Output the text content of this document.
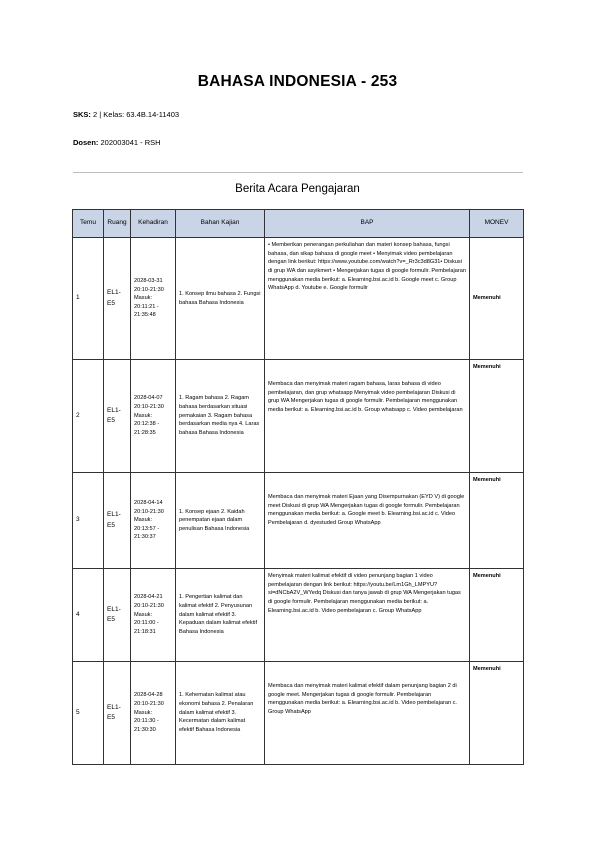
BAHASA INDONESIA - 253
SKS: 2 | Kelas: 63.4B.14-11403
Dosen: 202003041 - RSH
Berita Acara Pengajaran
Temu	Ruang	Kehadiran	Bahan Kajian	BAP	MONEV
1	EL1-E5	2028-03-31 20:10-21:30 Masuk: 20:11:21 - 21:35:48	1. Konsep ilmu bahasa 2. Fungsi bahasa Bahasa Indonesia	• Memberikan penerangan perkuliahan dan materi konsep bahasa, fungsi bahasa, dan sikap bahasa di google meet • Menyimak video pembelajaran dengan link berikut: https://www.youtube.com/watch?v=_Rr3c3d8G31• Diskusi di grup WA dan asyikmert • Mengerjakan tugas di google formulir. Pembelajaran menggunakan media berikut: a. Elearning.bsi.ac.id b. Google meet c. Group WhatsApp d. Youtube e. Google formulir	Memenuhi
2	EL1-E5	2028-04-07 20:10-21:30 Masuk: 20:12:38 - 21:28:35	1. Ragam bahasa 2. Ragam bahasa berdasarkan situasi pemakaian 3. Ragam bahasa berdasarkan media nya 4. Laras bahasa Bahasa Indonesia	Membaca dan menyimak materi ragam bahasa, laras bahasa di video pembelajaran, dan grup whatsapp Menyimak video pembelajaran Diskusi di grup WA Mengerjakan tugas di google formulir. Pembelajaran menggunakan media berikut: a. Elearning.bsi.ac.id b. Group whatsapp c. Video pembelajaran	Memenuhi
3	EL1-E5	2028-04-14 20:10-21:30 Masuk: 20:13:57 - 21:30:37	1. Konsep ejaan 2. Kaidah penempatan ejaan dalam penulisan Bahasa Indonesia	Membaca dan menyimak materi Ejaan yang Disempurnakan (EYD V) di google meet Diskusi di grup WA Mengerjakan tugas di google formulir. Pembelajaran menggunakan media berikut: a. Google meet b. Elearning.bsi.ac.id c. Video Pembelajaran d. dyestuded Group WhatsApp	Memenuhi
4	EL1-E5	2028-04-21 20:10-21:30 Masuk: 20:11:00 - 21:18:31	1. Pengertian kalimat dan kalimat efektif 2. Penyusunan dalam kalimat efektif 3. Kepaduan dalam kalimat efektif Bahasa Indonesia	Menyimak materi kalimat efektif di video penunjang bagian 1 video pembelajaran dengan link berikut: https://youtu.be/Lm1Gh_LMPYU?si=dNCbA2V_WYedq Diskusi dan tanya jawab di grup WA Mengerjakan tugas di google formulir. Pembelajaran menggunakan media berikut: a. Elearning.bsi.ac.id b. Video pembelajaran c. Group WhatsApp	Memenuhi
5	EL1-E5	2028-04-28 20:10-21:30 Masuk: 20:11:30 - 21:30:30	1. Kehematan kalimat atau ekonomi bahasa 2. Penalaran dalam kalimat efektif 3. Kecermatan dalam kalimat efektif Bahasa Indonesia	Membaca dan menyimak materi kalimat efektif dalam penunjang bagian 2 di google meet. Mengerjakan tugas di google formulir. Pembelajaran menggunakan media berikut: a. Elearning.bsi.ac.id b. Video pembelajaran c. Group WhatsApp	Memenuhi
